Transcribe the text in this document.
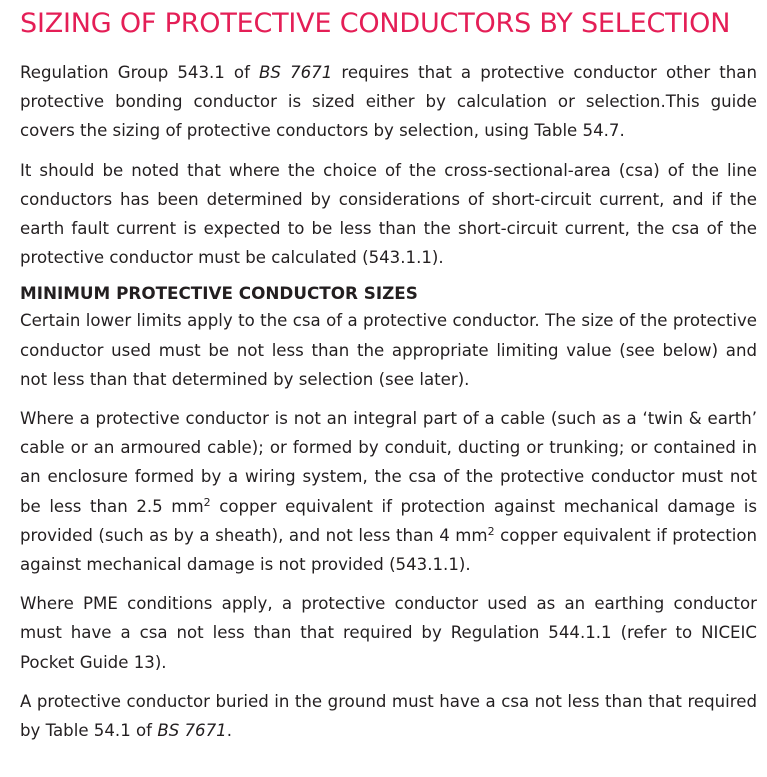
SIZING OF PROTECTIVE CONDUCTORS BY SELECTION

Regulation Group 543.1 of BS 7671 requires that a protective conductor other than protective bonding conductor is sized either by calculation or selection.This guide covers the sizing of protective conductors by selection, using Table 54.7.

It should be noted that where the choice of the cross-sectional-area (csa) of the line conductors has been determined by considerations of short-circuit current, and if the earth fault current is expected to be less than the short-circuit current, the csa of the protective conductor must be calculated (543.1.1).

MINIMUM PROTECTIVE CONDUCTOR SIZES

Certain lower limits apply to the csa of a protective conductor. The size of the protective conductor used must be not less than the appropriate limiting value (see below) and not less than that determined by selection (see later).

Where a protective conductor is not an integral part of a cable (such as a ‘twin & earth’ cable or an armoured cable); or formed by conduit, ducting or trunking; or contained in an enclosure formed by a wiring system, the csa of the protective conductor must not be less than 2.5 $mm^2$ copper equivalent if protection against mechanical damage is provided (such as by a sheath), and not less than 4 $mm^2$ copper equivalent if protection against mechanical damage is not provided (543.1.1).

Where PME conditions apply, a protective conductor used as an earthing conductor must have a csa not less than that required by Regulation 544.1.1 (refer to NICEIC Pocket Guide 13).

A protective conductor buried in the ground must have a csa not less than that required by Table 54.1 of BS 7671.
